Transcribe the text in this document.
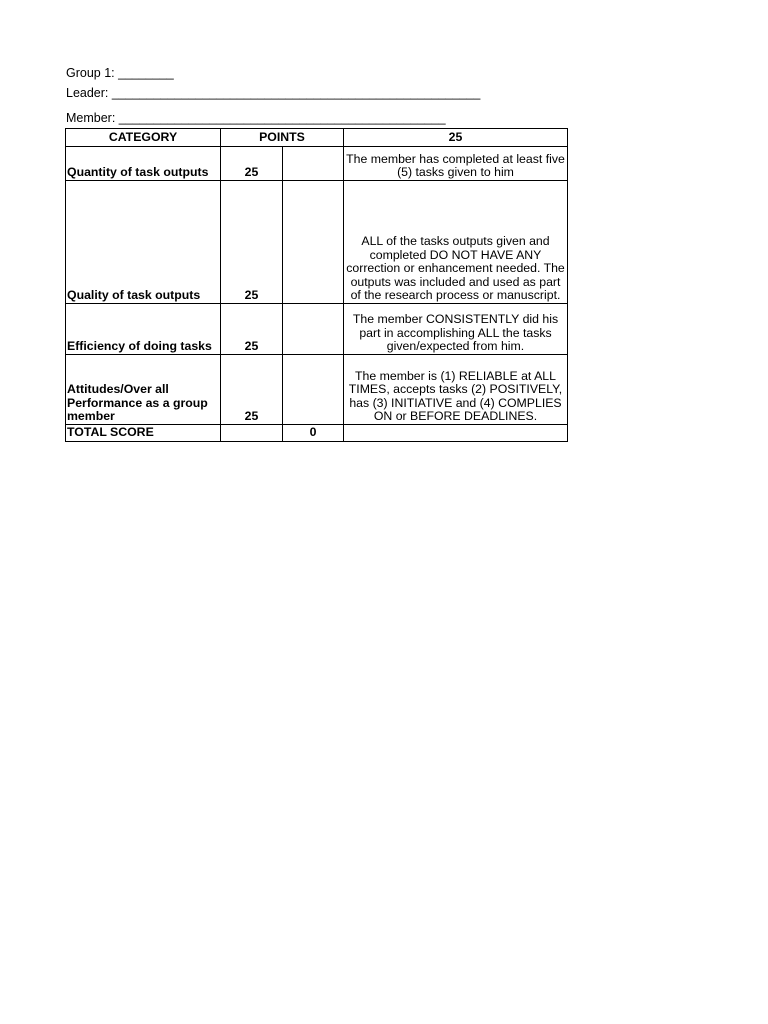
Group 1: ________
Leader: _____________________________________________________
Member: _______________________________________________
CATEGORY	POINTS		25
Quantity of task outputs	25		The member has completed at least five (5) tasks given to him
Quality of task outputs	25		ALL of the tasks outputs given and completed DO NOT HAVE ANY correction or enhancement needed. The outputs was included and used as part of the research process or manuscript.
Efficiency of doing tasks	25		The member CONSISTENTLY did his part in accomplishing ALL the tasks given/expected from him.
Attitudes/Over all Performance as a group member	25		The member is (1) RELIABLE at ALL TIMES, accepts tasks (2) POSITIVELY, has (3) INITIATIVE and (4) COMPLIES ON or BEFORE DEADLINES.
TOTAL SCORE		0	
